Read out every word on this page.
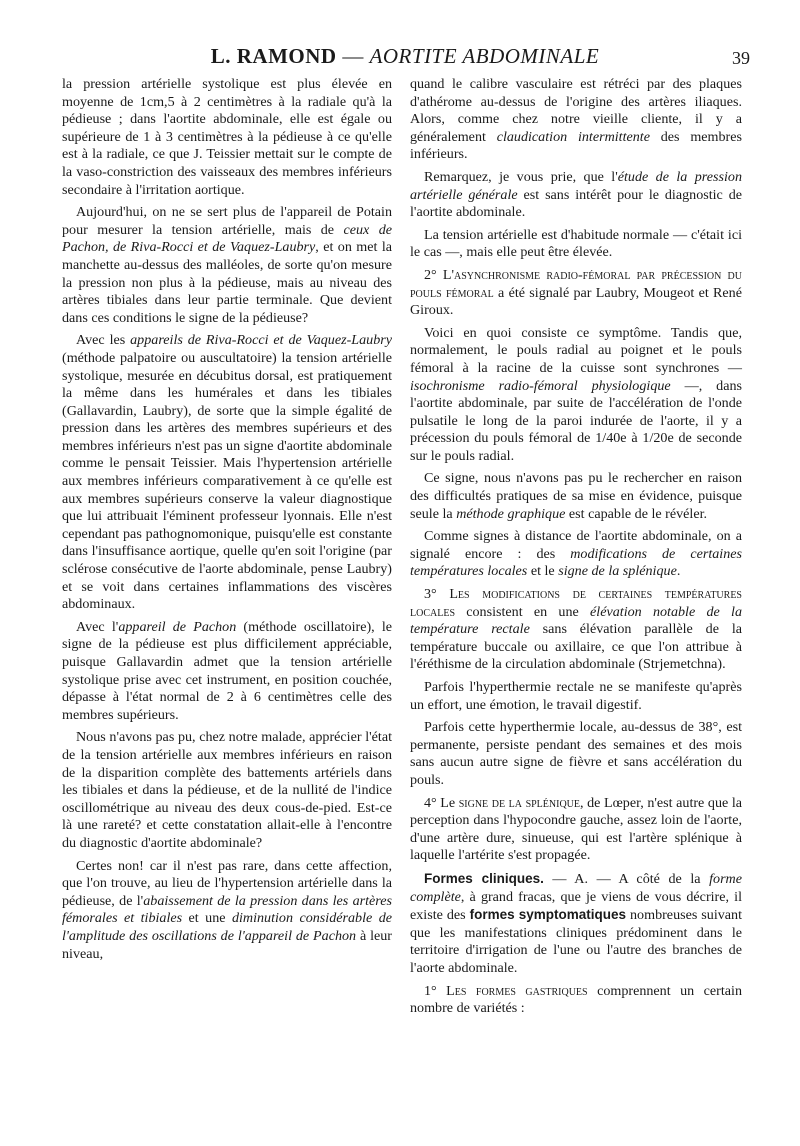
L. RAMOND — AORTITE ABDOMINALE	39

la pression artérielle systolique est plus élevée en moyenne de 1cm,5 à 2 centimètres à la radiale qu'à la pédieuse ; dans l'aortite abdominale, elle est égale ou supérieure de 1 à 3 centimètres à la pédieuse à ce qu'elle est à la radiale, ce que J. Teissier mettait sur le compte de la vaso-constriction des vaisseaux des membres inférieurs secondaire à l'irritation aortique.

Aujourd'hui, on ne se sert plus de l'appareil de Potain pour mesurer la tension artérielle, mais de ceux de Pachon, de Riva-Rocci et de Vaquez-Laubry, et on met la manchette au-dessus des malléoles, de sorte qu'on mesure la pression non plus à la pédieuse, mais au niveau des artères tibiales dans leur partie terminale. Que devient dans ces conditions le signe de la pédieuse?

Avec les appareils de Riva-Rocci et de Vaquez-Laubry (méthode palpatoire ou auscultatoire) la tension artérielle systolique, mesurée en décubitus dorsal, est pratiquement la même dans les humérales et dans les tibiales (Gallavardin, Laubry), de sorte que la simple égalité de pression dans les artères des membres supérieurs et des membres inférieurs n'est pas un signe d'aortite abdominale comme le pensait Teissier. Mais l'hypertension artérielle aux membres inférieurs comparativement à ce qu'elle est aux membres supérieurs conserve la valeur diagnostique que lui attribuait l'éminent professeur lyonnais. Elle n'est cependant pas pathognomonique, puisqu'elle est constante dans l'insuffisance aortique, quelle qu'en soit l'origine (par sclérose consécutive de l'aorte abdominale, pense Laubry) et se voit dans certaines inflammations des viscères abdominaux.

Avec l'appareil de Pachon (méthode oscillatoire), le signe de la pédieuse est plus difficilement appréciable, puisque Gallavardin admet que la tension artérielle systolique prise avec cet instrument, en position couchée, dépasse à l'état normal de 2 à 6 centimètres celle des membres supérieurs.

Nous n'avons pas pu, chez notre malade, apprécier l'état de la tension artérielle aux membres inférieurs en raison de la disparition complète des battements artériels dans les tibiales et dans la pédieuse, et de la nullité de l'indice oscillométrique au niveau des deux cous-de-pied. Est-ce là une rareté? et cette constatation allait-elle à l'encontre du diagnostic d'aortite abdominale?

Certes non! car il n'est pas rare, dans cette affection, que l'on trouve, au lieu de l'hypertension artérielle dans la pédieuse, de l'abaissement de la pression dans les artères fémorales et tibiales et une diminution considérable de l'amplitude des oscillations de l'appareil de Pachon à leur niveau,

quand le calibre vasculaire est rétréci par des plaques d'athérome au-dessus de l'origine des artères iliaques. Alors, comme chez notre vieille cliente, il y a généralement claudication intermittente des membres inférieurs.

Remarquez, je vous prie, que l'étude de la pression artérielle générale est sans intérêt pour le diagnostic de l'aortite abdominale.

La tension artérielle est d'habitude normale — c'était ici le cas —, mais elle peut être élevée.

2° L'asynchronisme radio-fémoral par précession du pouls fémoral a été signalé par Laubry, Mougeot et René Giroux.

Voici en quoi consiste ce symptôme. Tandis que, normalement, le pouls radial au poignet et le pouls fémoral à la racine de la cuisse sont synchrones — isochronisme radio-fémoral physiologique —, dans l'aortite abdominale, par suite de l'accélération de l'onde pulsatile le long de la paroi indurée de l'aorte, il y a précession du pouls fémoral de 1/40e à 1/20e de seconde sur le pouls radial.

Ce signe, nous n'avons pas pu le rechercher en raison des difficultés pratiques de sa mise en évidence, puisque seule la méthode graphique est capable de le révéler.

Comme signes à distance de l'aortite abdominale, on a signalé encore : des modifications de certaines températures locales et le signe de la splénique.

3° Les modifications de certaines températures locales consistent en une élévation notable de la température rectale sans élévation parallèle de la température buccale ou axillaire, ce que l'on attribue à l'éréthisme de la circulation abdominale (Strjemetchna).

Parfois l'hyperthermie rectale ne se manifeste qu'après un effort, une émotion, le travail digestif.

Parfois cette hyperthermie locale, au-dessus de 38°, est permanente, persiste pendant des semaines et des mois sans aucun autre signe de fièvre et sans accélération du pouls.

4° Le signe de la splénique, de Lœper, n'est autre que la perception dans l'hypocondre gauche, assez loin de l'aorte, d'une artère dure, sinueuse, qui est l'artère splénique à laquelle l'artérite s'est propagée.

Formes cliniques. — A. — A côté de la forme complète, à grand fracas, que je viens de vous décrire, il existe des formes symptomatiques nombreuses suivant que les manifestations cliniques prédominent dans le territoire d'irrigation de l'une ou l'autre des branches de l'aorte abdominale.

1° Les formes gastriques comprennent un certain nombre de variétés :
